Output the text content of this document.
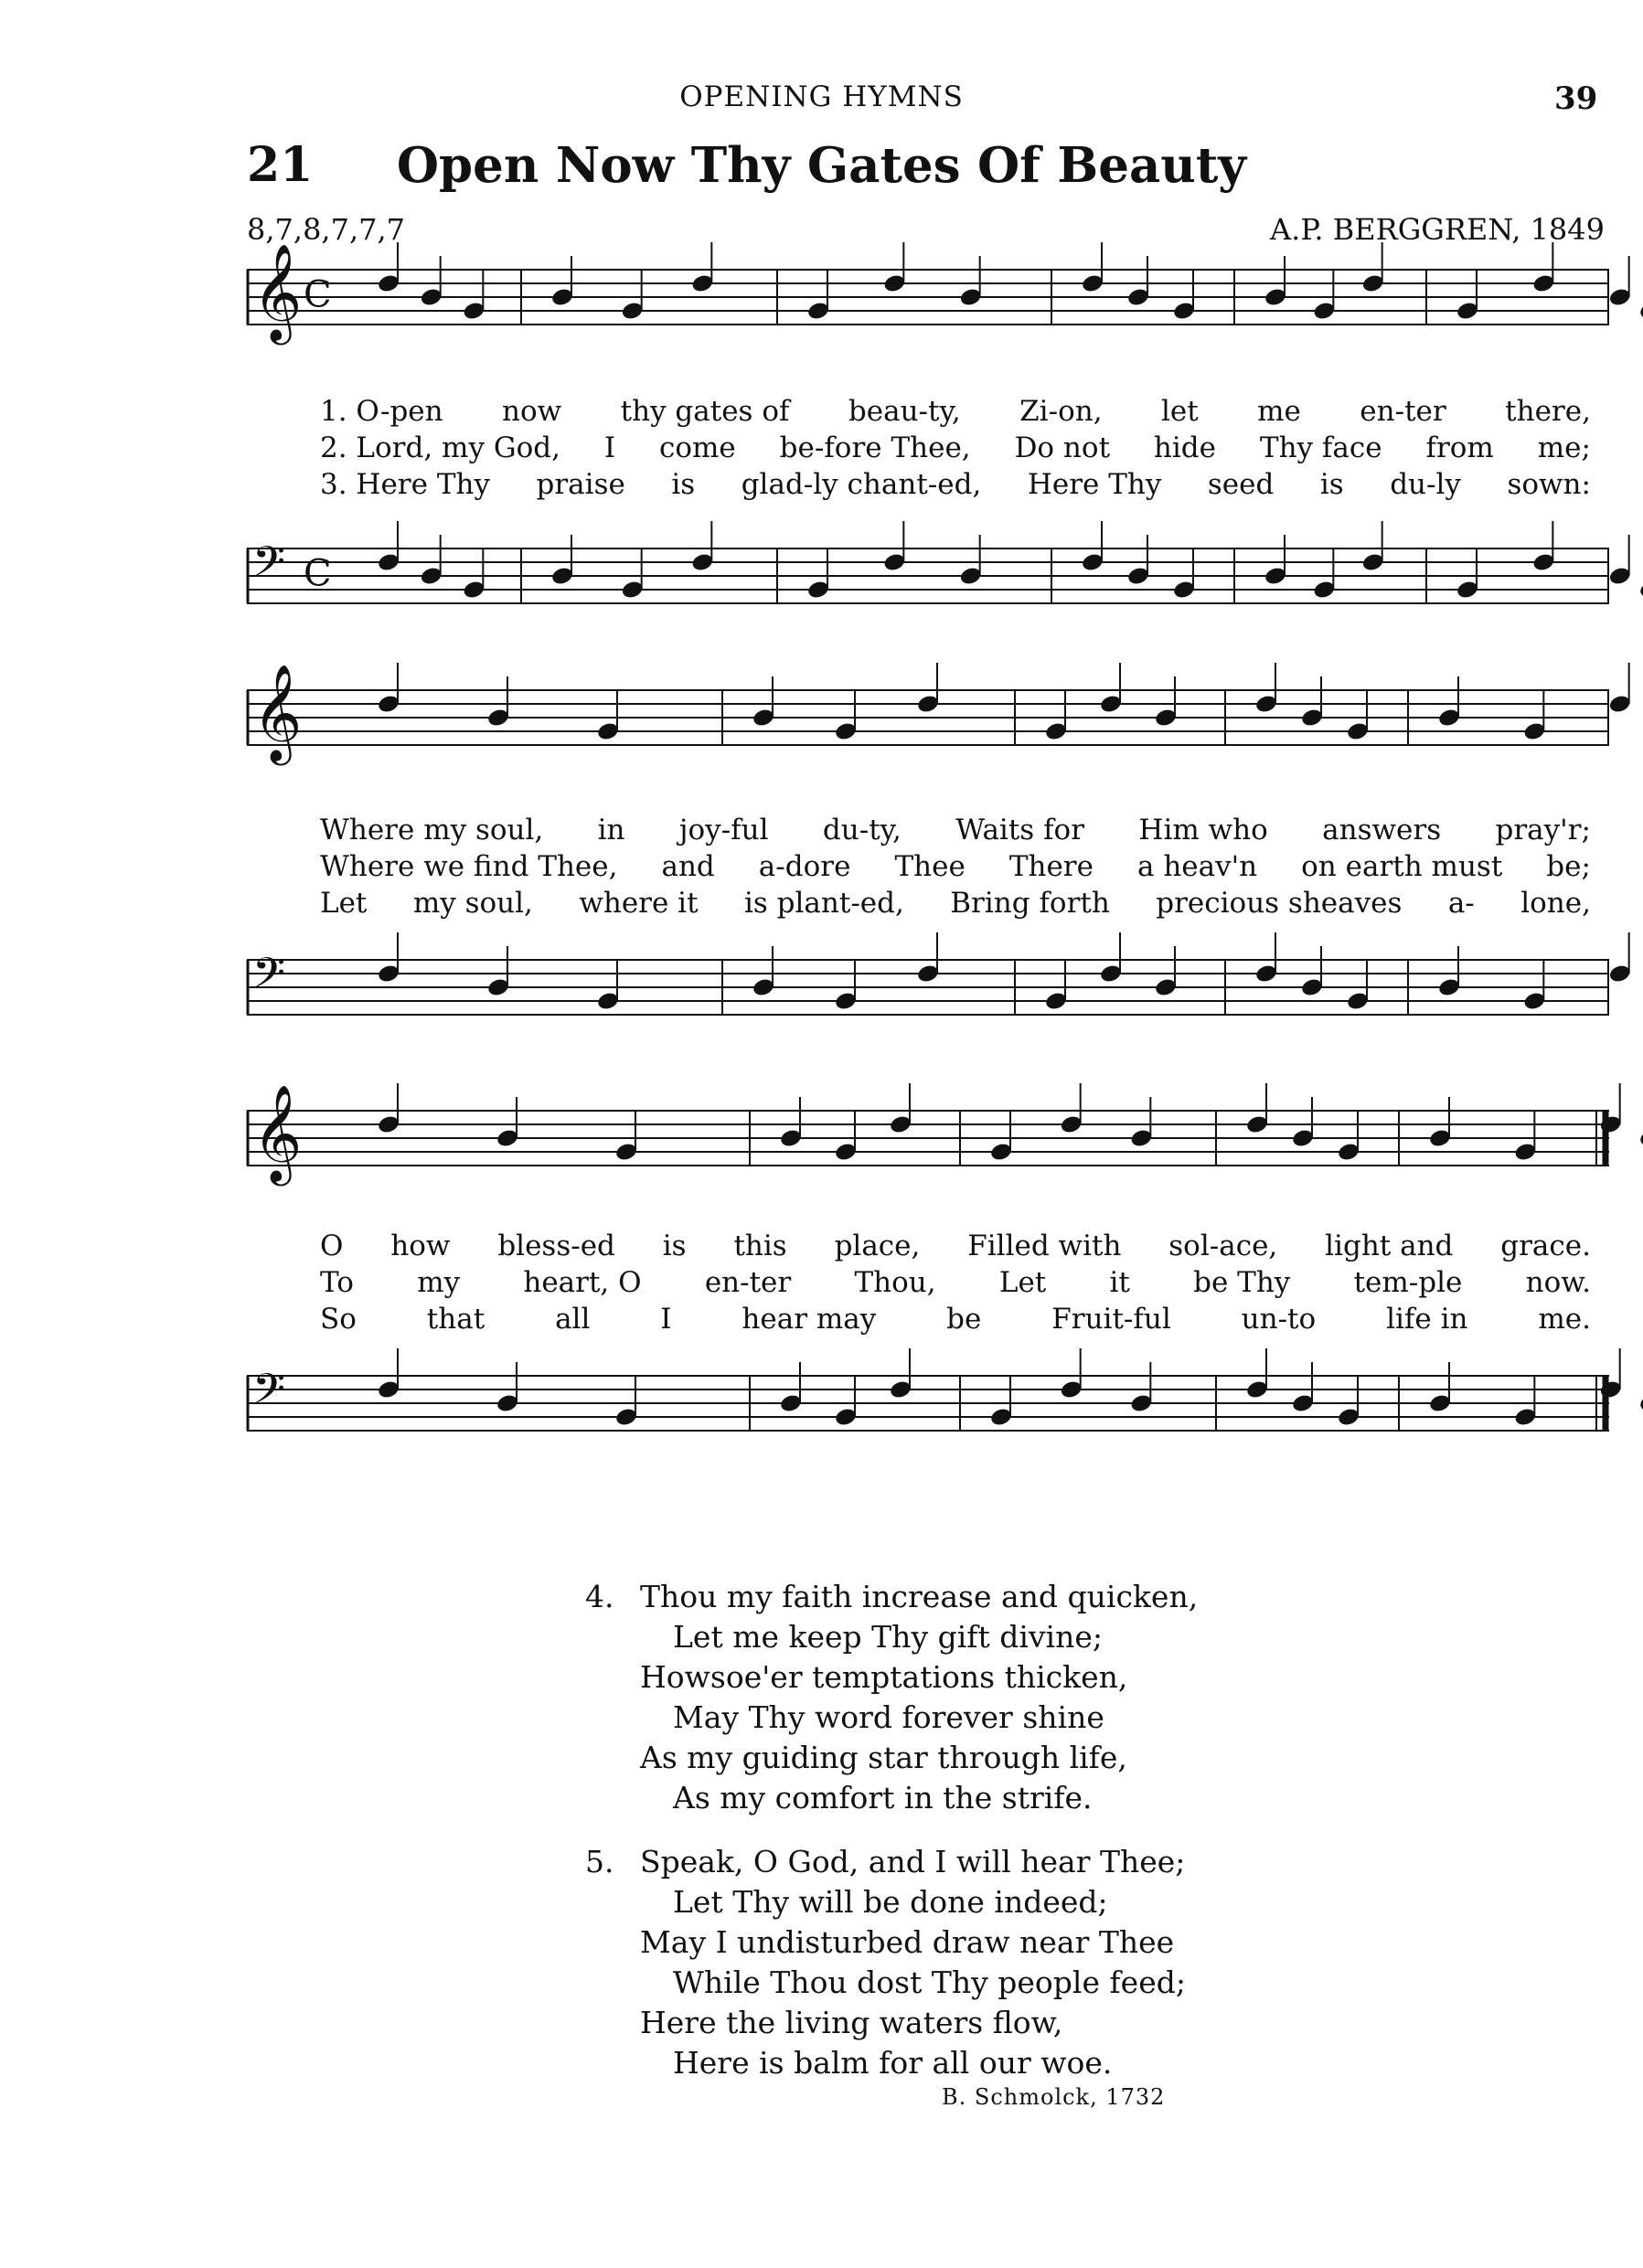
OPENING HYMNS	39
21	Open Now Thy Gates Of Beauty
8,7,8,7,7,7	A.P. BERGGREN, 1849
𝄞 C
1. O-pen now thy gates of beau-ty, Zi-on, let me en-ter there,
2. Lord, my God, I come be-fore Thee, Do not hide Thy face from me;
3. Here Thy praise is glad-ly chant-ed, Here Thy seed is du-ly sown:
𝄢 C
𝄞
Where my soul, in joy-ful du-ty, Waits for Him who answers pray'r;
Where we find Thee, and a-dore Thee There a heav'n on earth must be;
Let my soul, where it is plant-ed, Bring forth precious sheaves a- lone,
𝄢
𝄞
O how bless-ed is this place, Filled with sol-ace, light and grace.
To my heart, O en-ter Thou, Let it be Thy tem-ple now.
So that all I hear may be Fruit-ful un-to life in me.
𝄢
4. Thou my faith increase and quicken,
Let me keep Thy gift divine;
Howsoe'er temptations thicken,
May Thy word forever shine
As my guiding star through life,
As my comfort in the strife.
5. Speak, O God, and I will hear Thee;
Let Thy will be done indeed;
May I undisturbed draw near Thee
While Thou dost Thy people feed;
Here the living waters flow,
Here is balm for all our woe.
B. Schmolck, 1732
